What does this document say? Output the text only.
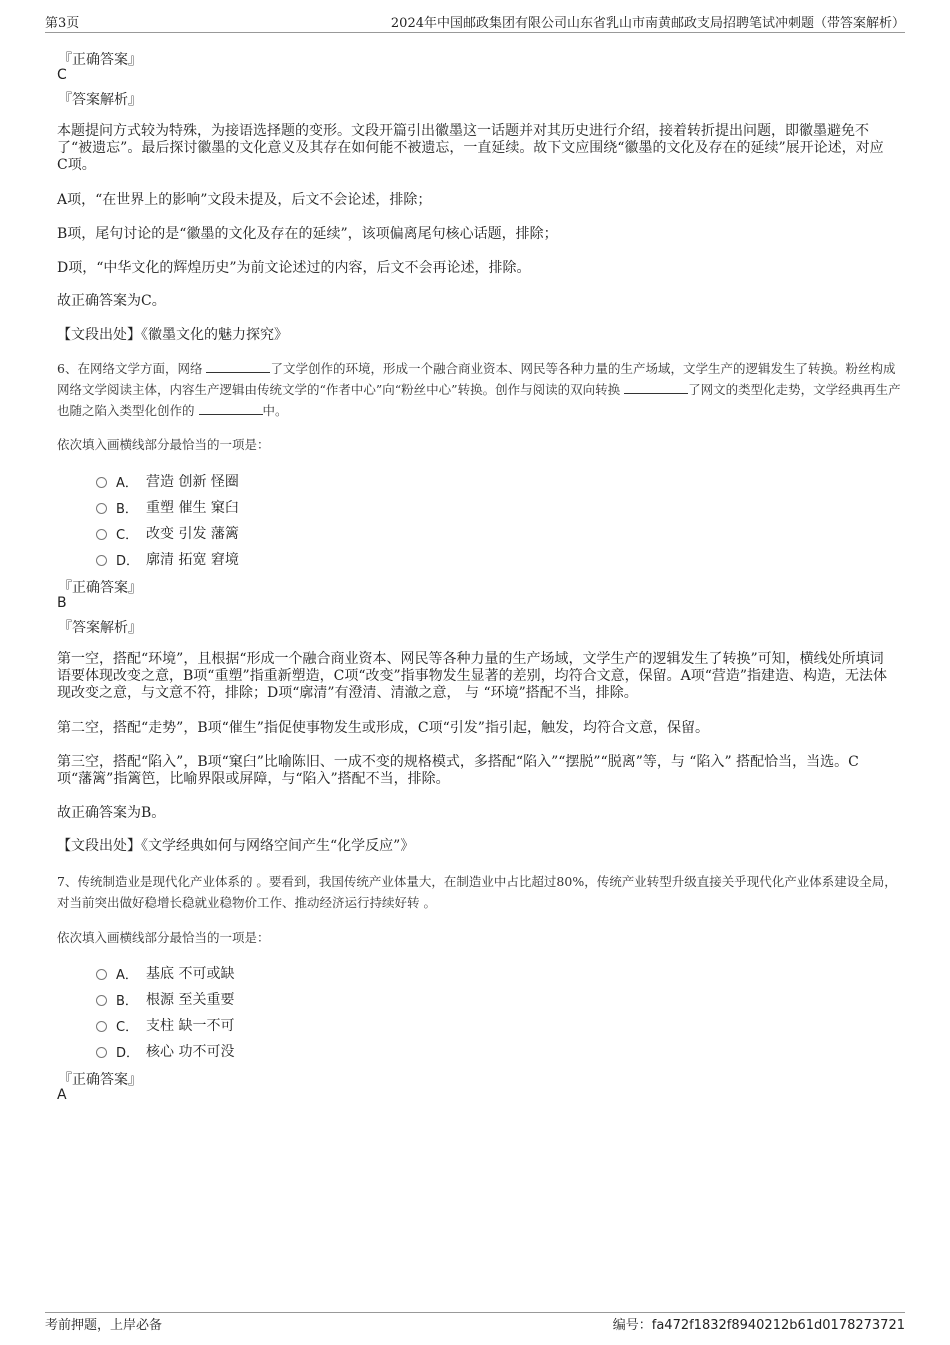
第3页	2024年中国邮政集团有限公司山东省乳山市南黄邮政支局招聘笔试冲刺题（带答案解析）
『正确答案』
C
『答案解析』
本题提问方式较为特殊，为接语选择题的变形。文段开篇引出徽墨这一话题并对其历史进行介绍，接着转折提出问题，即徽墨避免不了“被遗忘”。最后探讨徽墨的文化意义及其存在如何能不被遗忘，一直延续。故下文应围绕“徽墨的文化及存在的延续”展开论述，对应C项。
A项，“在世界上的影响”文段未提及，后文不会论述，排除；
B项，尾句讨论的是“徽墨的文化及存在的延续”，该项偏离尾句核心话题，排除；
D项，“中华文化的辉煌历史”为前文论述过的内容，后文不会再论述，排除。
故正确答案为C。
【文段出处】《徽墨文化的魅力探究》
6、在网络文学方面，网络	了文学创作的环境，形成一个融合商业资本、网民等各种力量的生产场域，文学生产的逻辑发生了转换。粉丝构成网络文学阅读主体，内容生产逻辑由传统文学的“作者中心”向“粉丝中心”转换。创作与阅读的双向转换	了网文的类型化走势，文学经典再生产也随之陷入类型化创作的	中。
依次填入画横线部分最恰当的一项是：
A． 营造 创新 怪圈
B． 重塑 催生 窠臼
C． 改变 引发 藩篱
D． 廓清 拓宽 窘境
『正确答案』
B
『答案解析』
第一空，搭配“环境”，且根据“形成一个融合商业资本、网民等各种力量的生产场域，文学生产的逻辑发生了转换”可知，横线处所填词语要体现改变之意，B项“重塑”指重新塑造，C项“改变”指事物发生显著的差别，均符合文意，保留。A项“营造”指建造、构造，无法体现改变之意，与文意不符，排除；D项“廓清”有澄清、清澈之意， 与 “环境”搭配不当，排除。
第二空，搭配“走势”，B项“催生”指促使事物发生或形成，C项“引发”指引起，触发，均符合文意，保留。
第三空，搭配“陷入”，B项“窠臼”比喻陈旧、一成不变的规格模式，多搭配“陷入”“摆脱”“脱离”等，与 “陷入” 搭配恰当，当选。C项“藩篱”指篱笆，比喻界限或屏障，与“陷入”搭配不当，排除。
故正确答案为B。
【文段出处】《文学经典如何与网络空间产生“化学反应”》
7、传统制造业是现代化产业体系的 。要看到，我国传统产业体量大，在制造业中占比超过80%，传统产业转型升级直接关乎现代化产业体系建设全局，对当前突出做好稳增长稳就业稳物价工作、推动经济运行持续好转 。
依次填入画横线部分最恰当的一项是：
A． 基底 不可或缺
B． 根源 至关重要
C． 支柱 缺一不可
D． 核心 功不可没
『正确答案』
A
考前押题，上岸必备	编号：fa472f1832f8940212b61d0178273721
